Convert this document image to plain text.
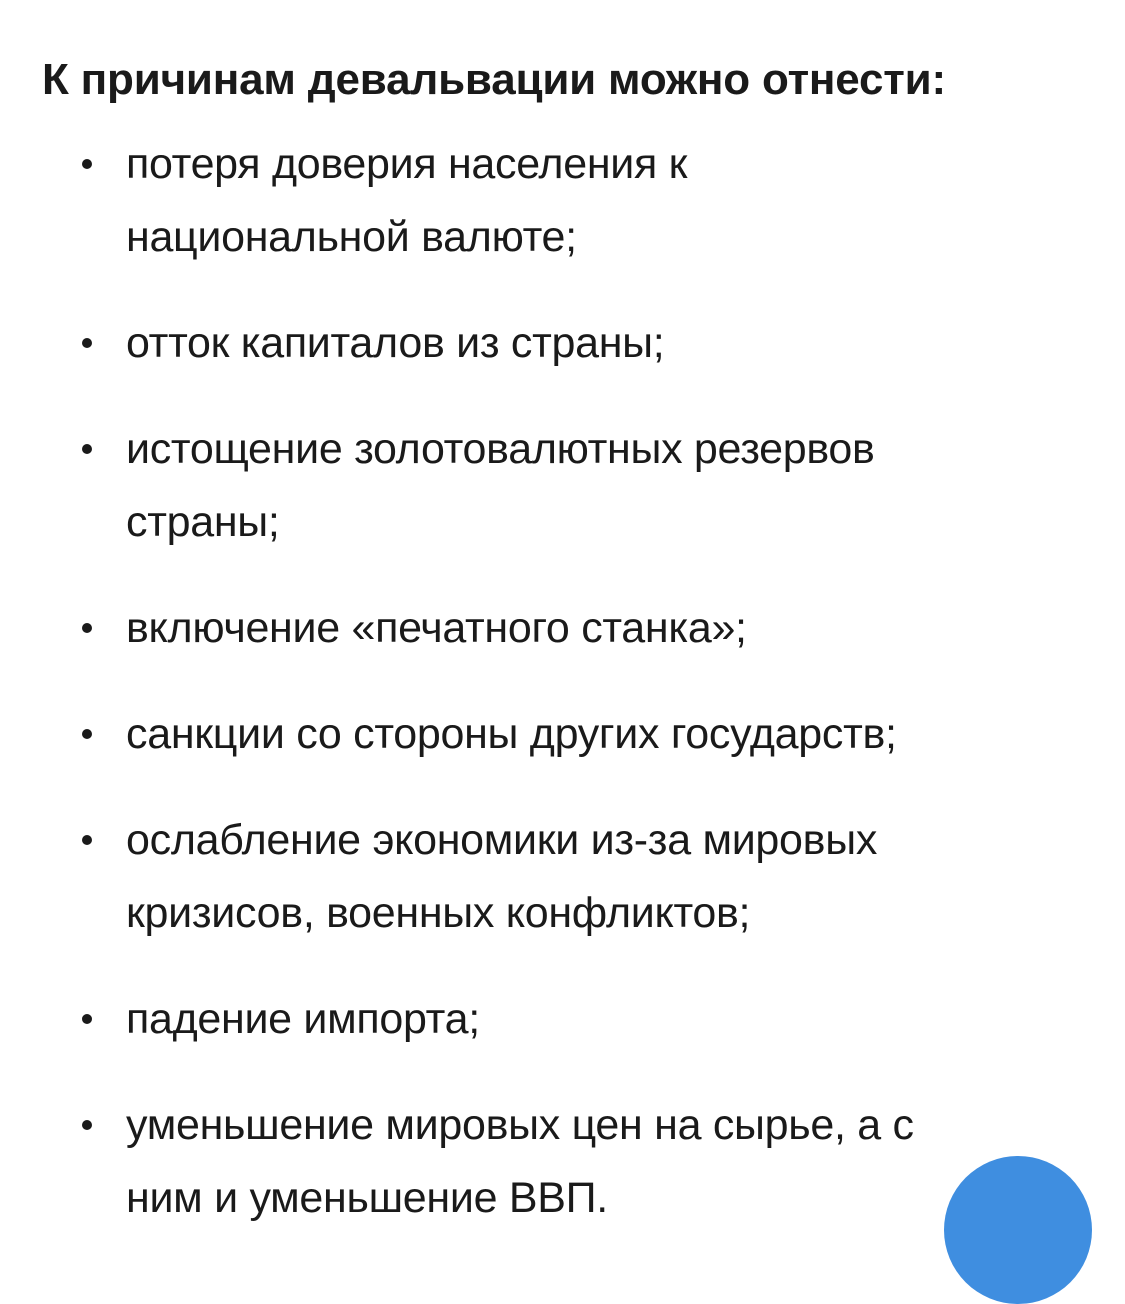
К причинам девальвации можно отнести:
потеря доверия населения к
национальной валюте;
отток капиталов из страны;
истощение золотовалютных резервов
страны;
включение «печатного станка»;
санкции со стороны других государств;
ослабление экономики из-за мировых
кризисов, военных конфликтов;
падение импорта;
уменьшение мировых цен на сырье, а с
ним и уменьшение ВВП.
